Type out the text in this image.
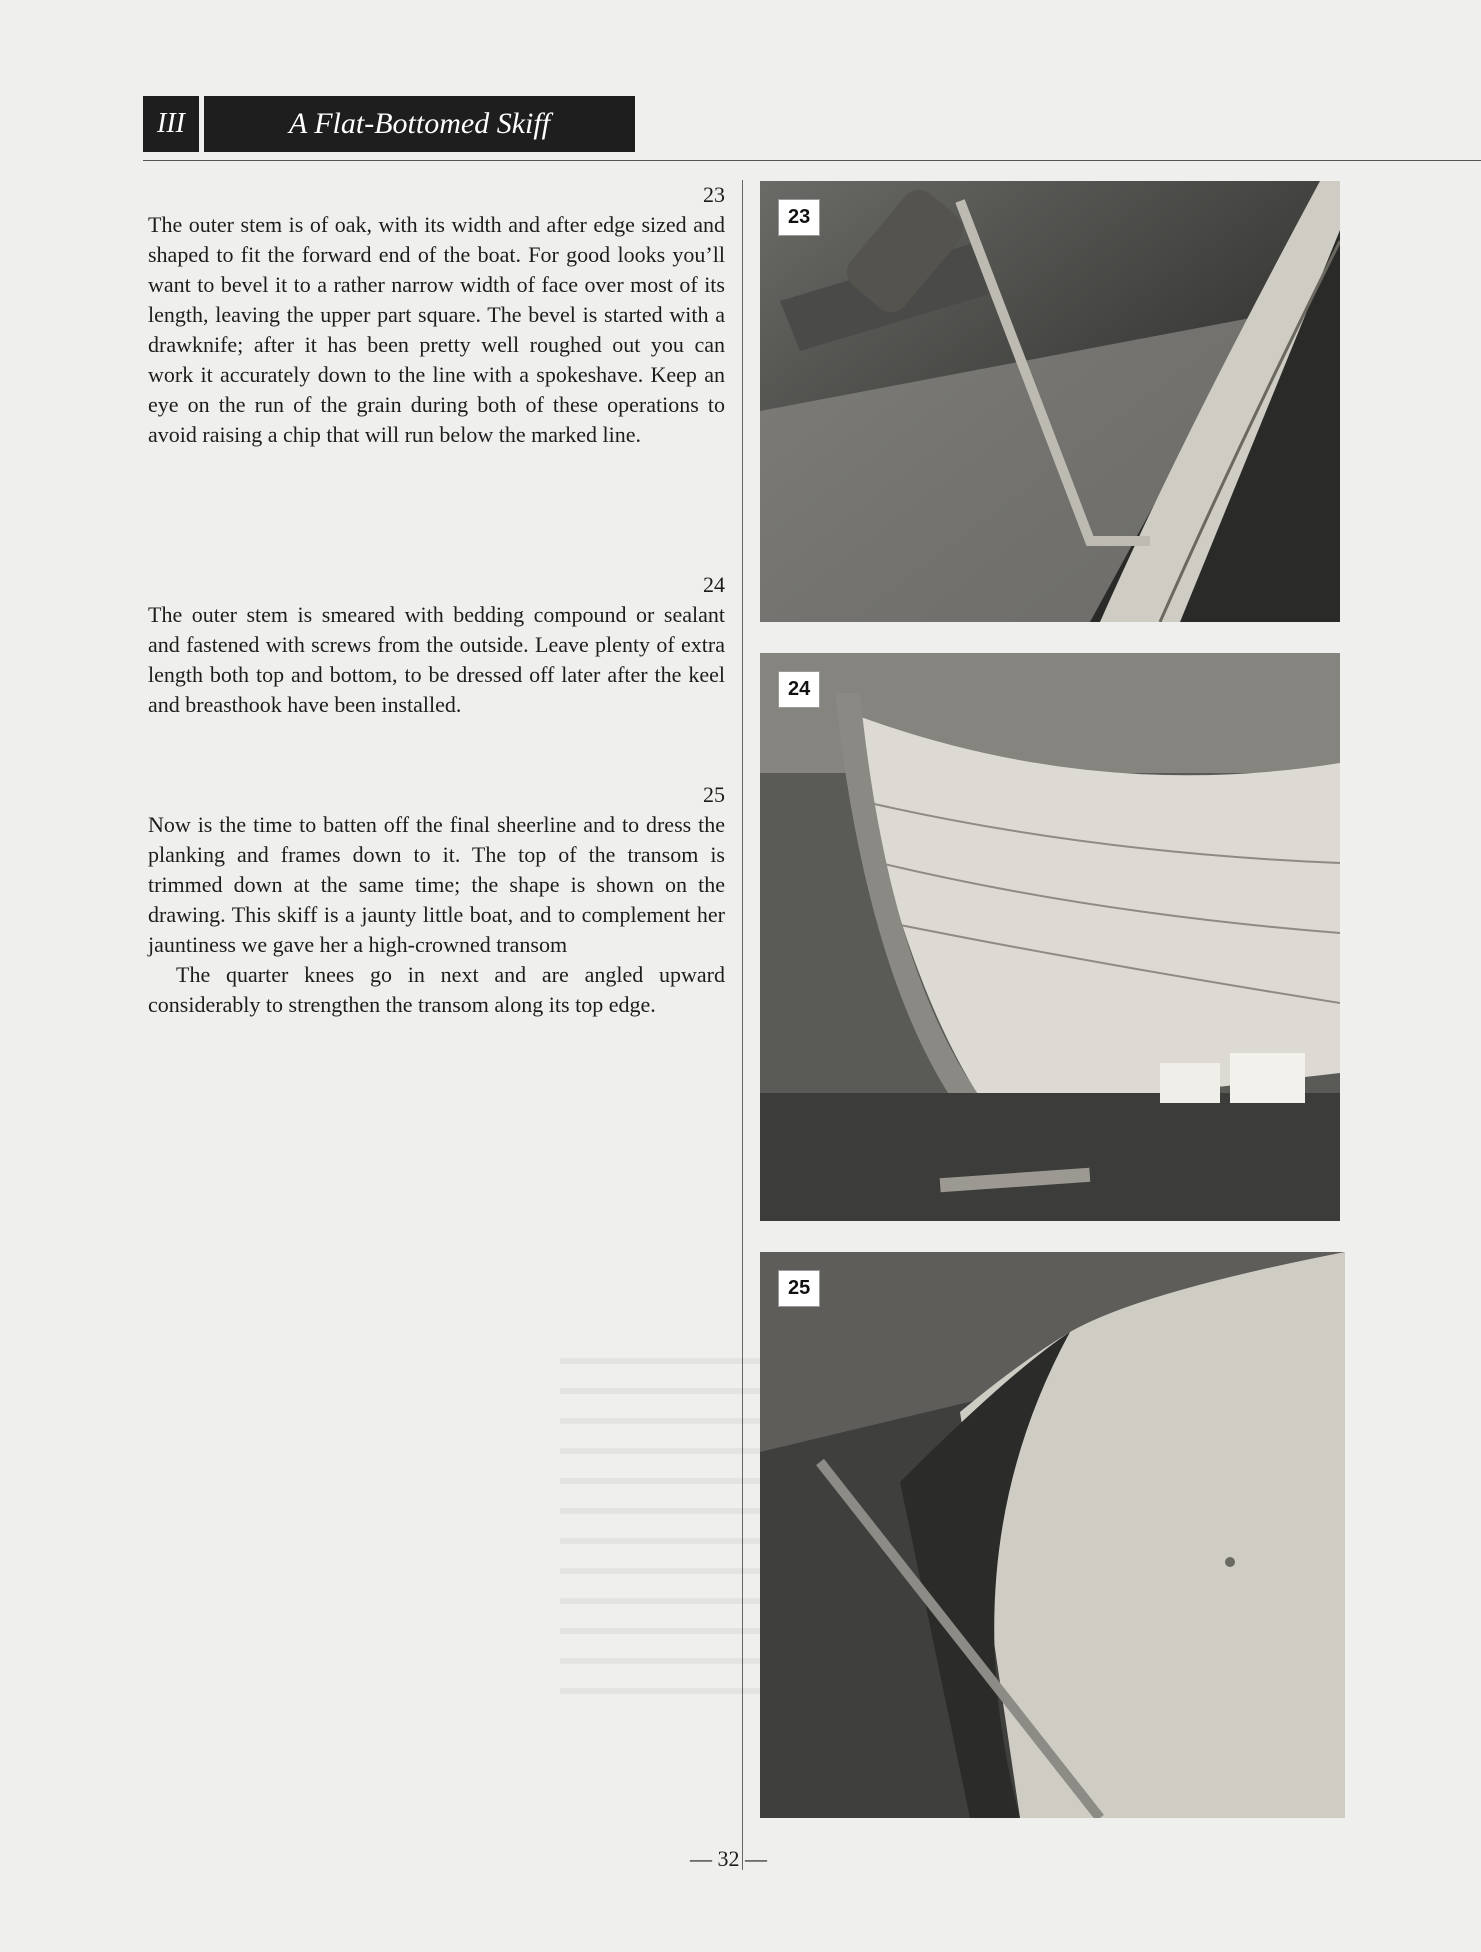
III	A Flat-Bottomed Skiff
23

The outer stem is of oak, with its width and after edge sized and shaped to fit the forward end of the boat. For good looks you’ll want to bevel it to a rather narrow width of face over most of its length, leaving the upper part square. The bevel is started with a drawknife; after it has been pretty well roughed out you can work it accurately down to the line with a spokeshave. Keep an eye on the run of the grain during both of these operations to avoid raising a chip that will run below the marked line.

24

The outer stem is smeared with bedding compound or sealant and fastened with screws from the outside. Leave plenty of extra length both top and bottom, to be dressed off later after the keel and breasthook have been installed.

25

Now is the time to batten off the final sheerline and to dress the planking and frames down to it. The top of the transom is trimmed down at the same time; the shape is shown on the drawing. This skiff is a jaunty little boat, and to complement her jauntiness we gave her a high-crowned transom

The quarter knees go in next and are angled upward considerably to strengthen the transom along its top edge.

23
24
25
— 32 —
